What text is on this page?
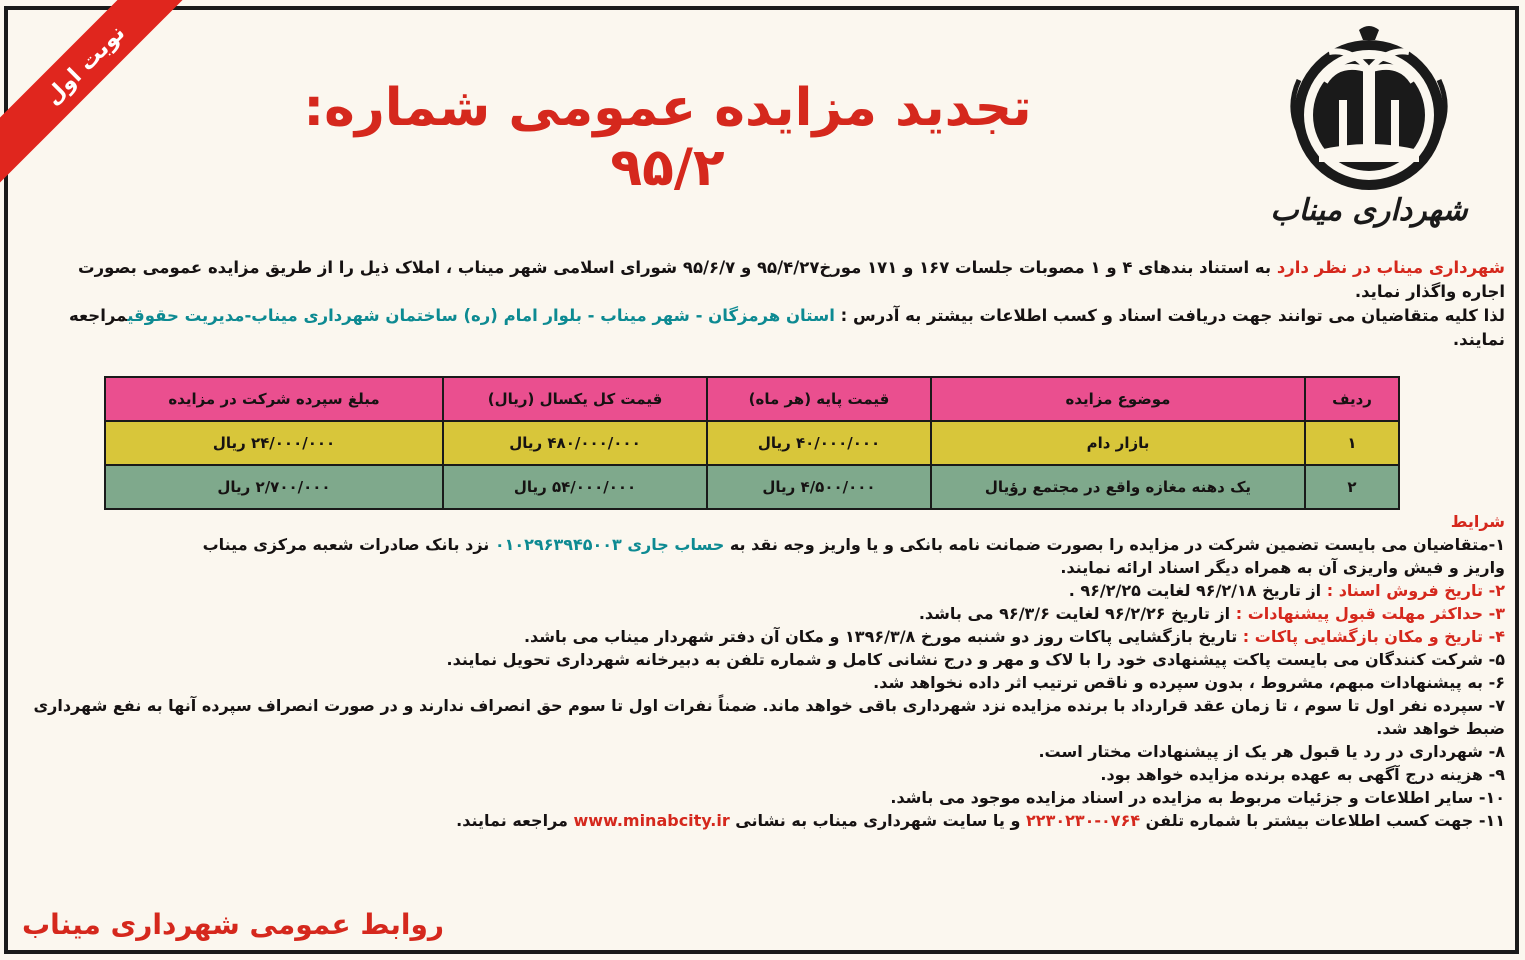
نوبت اول
شهرداری میناب
تجدید مزایده عمومی شماره: ۹۵/۲
شهرداری میناب در نظر دارد به استناد بندهای ۴ و ۱ مصوبات جلسات ۱۶۷ و ۱۷۱ مورخ۹۵/۴/۲۷ و ۹۵/۶/۷ شورای اسلامی شهر میناب ، املاک ذیل را از طریق مزایده عمومی بصورت اجاره واگذار نماید.
لذا کلیه متقاضیان می توانند جهت دریافت اسناد و کسب اطلاعات بیشتر به آدرس : استان هرمزگان - شهر میناب - بلوار امام (ره) ساختمان شهرداری میناب-مدیریت حقوقیمراجعه نمایند.
ردیف	موضوع مزایده	قیمت پایه (هر ماه)	قیمت کل یکسال (ریال)	مبلغ سپرده شرکت در مزایده
۱	بازار دام	۴۰/۰۰۰/۰۰۰ ریال	۴۸۰/۰۰۰/۰۰۰ ریال	۲۴/۰۰۰/۰۰۰ ریال
۲	یک دهنه مغازه واقع در مجتمع رؤیال	۴/۵۰۰/۰۰۰ ریال	۵۴/۰۰۰/۰۰۰ ریال	۲/۷۰۰/۰۰۰ ریال
شرایط
۱-متقاضیان می بایست تضمین شرکت در مزایده را بصورت ضمانت نامه بانکی و یا واریز وجه نقد به حساب جاری ۰۱۰۲۹۶۳۹۴۵۰۰۳ نزد بانک صادرات شعبه مرکزی میناب
واریز و فیش واریزی آن به همراه دیگر اسناد ارائه نمایند.
۲- تاریخ فروش اسناد : از تاریخ ۹۶/۲/۱۸ لغایت ۹۶/۲/۲۵ .
۳- حداکثر مهلت قبول پیشنهادات : از تاریخ ۹۶/۲/۲۶ لغایت ۹۶/۳/۶ می باشد.
۴- تاریخ و مکان بازگشایی پاکات : تاریخ بازگشایی پاکات روز دو شنبه مورخ ۱۳۹۶/۳/۸ و مکان آن دفتر شهردار میناب می باشد.
۵- شرکت کنندگان می بایست پاکت پیشنهادی خود را با لاک و مهر و درج نشانی کامل و شماره تلفن به دبیرخانه شهرداری تحویل نمایند.
۶- به پیشنهادات مبهم، مشروط ، بدون سپرده و ناقص ترتیب اثر داده نخواهد شد.
۷- سپرده نفر اول تا سوم ، تا زمان عقد قرارداد با برنده مزایده نزد شهرداری باقی خواهد ماند. ضمناً نفرات اول تا سوم حق انصراف ندارند و در صورت انصراف سپرده آنها به نفع شهرداری ضبط خواهد شد.
۸- شهرداری در رد یا قبول هر یک از پیشنهادات مختار است.
۹- هزینه درج آگهی به عهده برنده مزایده خواهد بود.
۱۰- سایر اطلاعات و جزئیات مربوط به مزایده در اسناد مزایده موجود می باشد.
۱۱- جهت کسب اطلاعات بیشتر با شماره تلفن ۰۷۶۴-۲۲۳۰۲۳۰ و یا سایت شهرداری میناب به نشانی www.minabcity.ir مراجعه نمایند.
روابط عمومی شهرداری میناب
